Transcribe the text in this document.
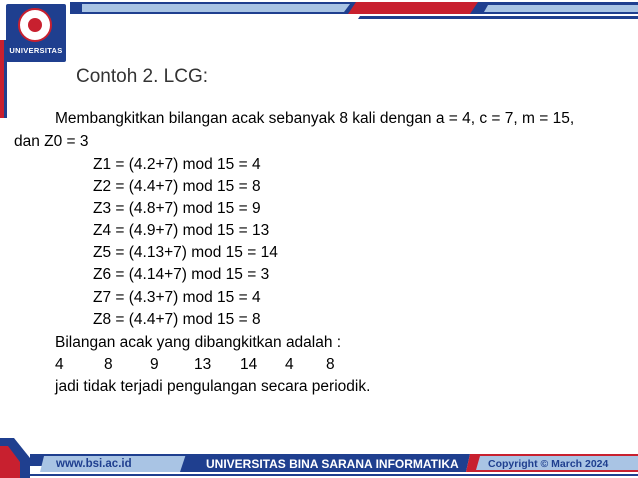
UNIVERSITAS
Contoh 2. LCG:
Membangkitkan bilangan acak sebanyak 8 kali dengan a = 4, c = 7, m = 15,
dan Z0 = 3
Z1 = (4.2+7) mod 15 = 4
Z2 = (4.4+7) mod 15 = 8
Z3 = (4.8+7) mod 15 = 9
Z4 = (4.9+7) mod 15 = 13
Z5 = (4.13+7) mod 15 = 14
Z6 = (4.14+7) mod 15 = 3
Z7 = (4.3+7) mod 15 = 4
Z8 = (4.4+7) mod 15 = 8
Bilangan acak yang dibangkitkan adalah :
4	8 9 13 14 4 8
jadi tidak terjadi pengulangan secara periodik.
www.bsi.ac.id	UNIVERSITAS BINA SARANA INFORMATIKA	Copyright © March 2024
